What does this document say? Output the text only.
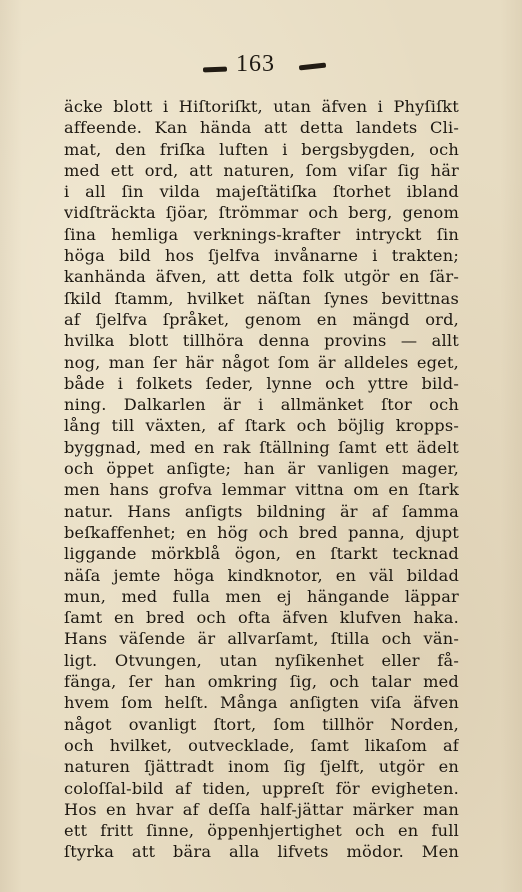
163
äcke blott i Hiſtoriſkt, utan äfven i Phyſiſkt
affeende. Kan hända att detta landets Cli-
mat, den friſka luften i bergsbygden, och
med ett ord, att naturen, ſom viſar ſig här
i all ſin vilda majeſtätiſka ſtorhet ibland
vidſträckta ſjöar, ſtrömmar och berg, genom
ſina hemliga verknings-krafter intryckt ſin
höga bild hos ſjelfva invånarne i trakten;
kanhända äfven, att detta folk utgör en ſär-
ſkild ſtamm, hvilket näſtan ſynes bevittnas
af ſjelfva ſpråket, genom en mängd ord,
hvilka blott tillhöra denna provins — allt
nog, man ſer här något ſom är alldeles eget,
både i folkets ſeder, lynne och yttre bild-
ning. Dalkarlen är i allmänket ſtor och
lång till växten, af ſtark och böjlig kropps-
byggnad, med en rak ſtällning ſamt ett ädelt
och öppet anſigte; han är vanligen mager,
men hans grofva lemmar vittna om en ſtark
natur. Hans anſigts bildning är af ſamma
beſkaffenhet; en hög och bred panna, djupt
liggande mörkblå ögon, en ſtarkt tecknad
näſa jemte höga kindknotor, en väl bildad
mun, med fulla men ej hängande läppar
ſamt en bred och ofta äfven klufven haka.
Hans väſende är allvarſamt, ſtilla och vän-
ligt. Otvungen, utan nyſikenhet eller få-
fänga, ſer han omkring ſig, och talar med
hvem ſom helſt. Många anſigten viſa äfven
något ovanligt ſtort, ſom tillhör Norden,
och hvilket, outvecklade, ſamt likaſom af
naturen ſjättradt inom ſig ſjelft, utgör en
coloſſal-bild af tiden, uppreſt för evigheten.
Hos en hvar af deſſa half-jättar märker man
ett fritt ſinne, öppenhjertighet och en full
ſtyrka att bära alla lifvets mödor. Men
